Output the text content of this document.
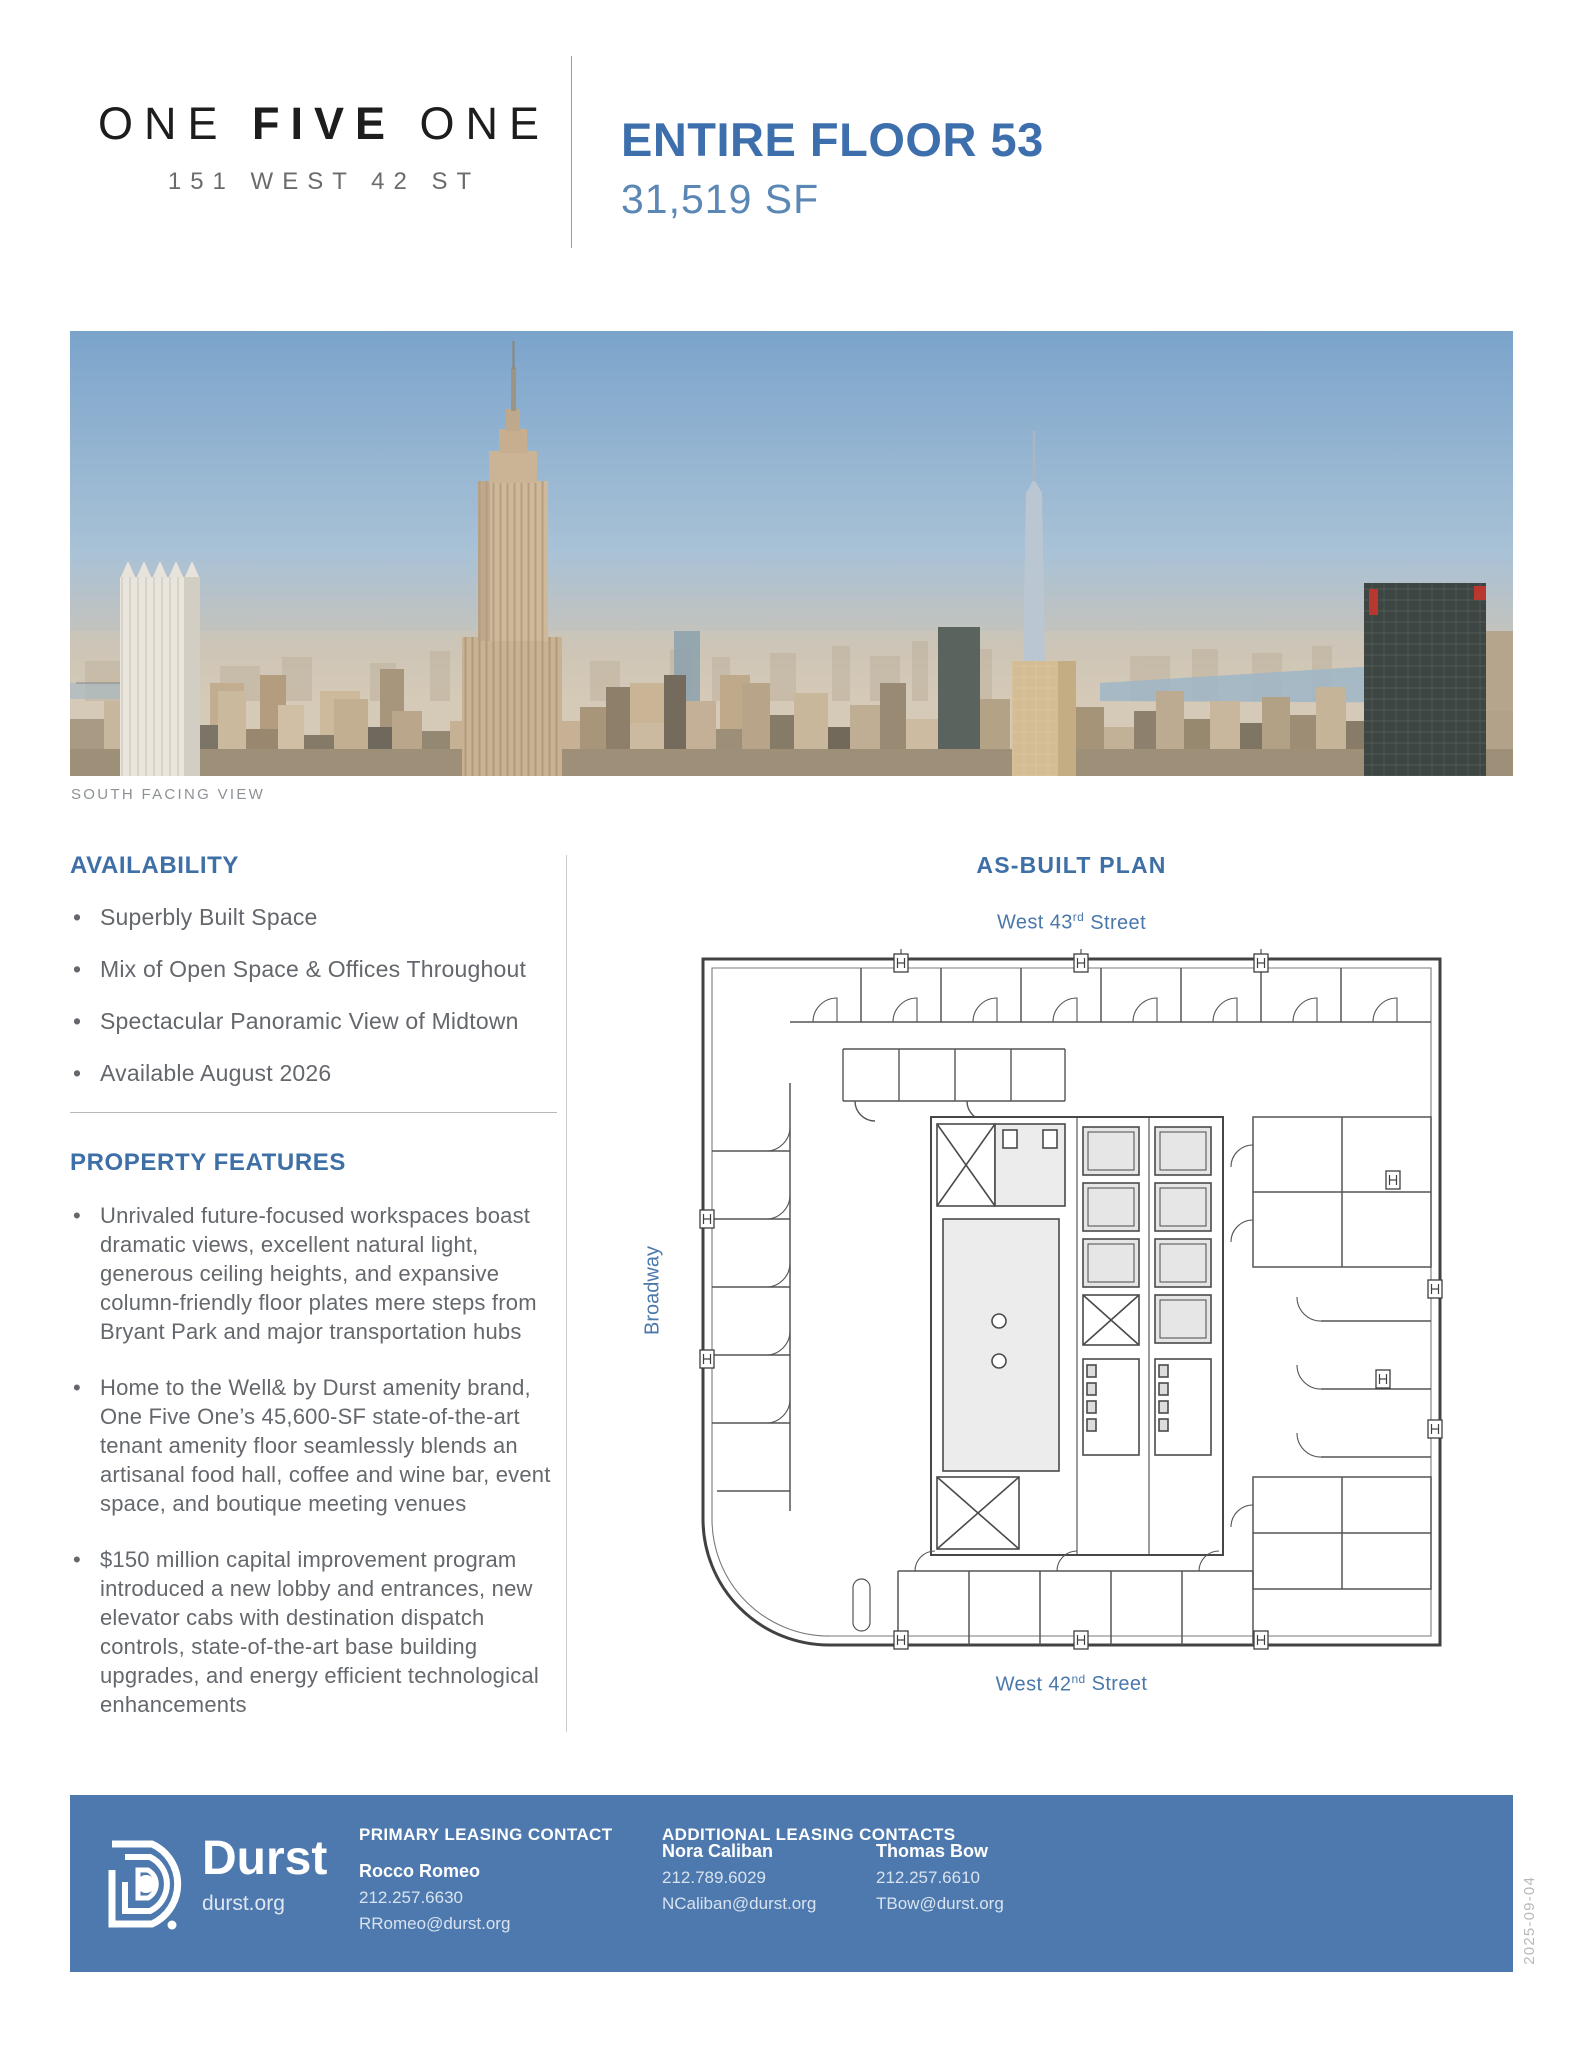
ONE FIVE ONE
151 WEST 42 ST
ENTIRE FLOOR 53
31,519 SF
SOUTH FACING VIEW
AVAILABILITY
• Superbly Built Space
• Mix of Open Space & Offices Throughout
• Spectacular Panoramic View of Midtown
• Available August 2026
PROPERTY FEATURES
• Unrivaled future-focused workspaces boast dramatic views, excellent natural light, generous ceiling heights, and expansive column-friendly floor plates mere steps from Bryant Park and major transportation hubs
• Home to the Well& by Durst amenity brand, One Five One’s 45,600-SF state-of-the-art tenant amenity floor seamlessly blends an artisanal food hall, coffee and wine bar, event space, and boutique meeting venues
• $150 million capital improvement program introduced a new lobby and entrances, new elevator cabs with destination dispatch controls, state-of-the-art base building upgrades, and energy efficient technological enhancements
AS-BUILT PLAN
West 43rd Street
Broadway
West 42nd Street
Durst
durst.org
PRIMARY LEASING CONTACT
Rocco Romeo
212.257.6630
RRomeo@durst.org
ADDITIONAL LEASING CONTACTS
Nora Caliban
212.789.6029
NCaliban@durst.org
Thomas Bow
212.257.6610
TBow@durst.org	2025-09-04
